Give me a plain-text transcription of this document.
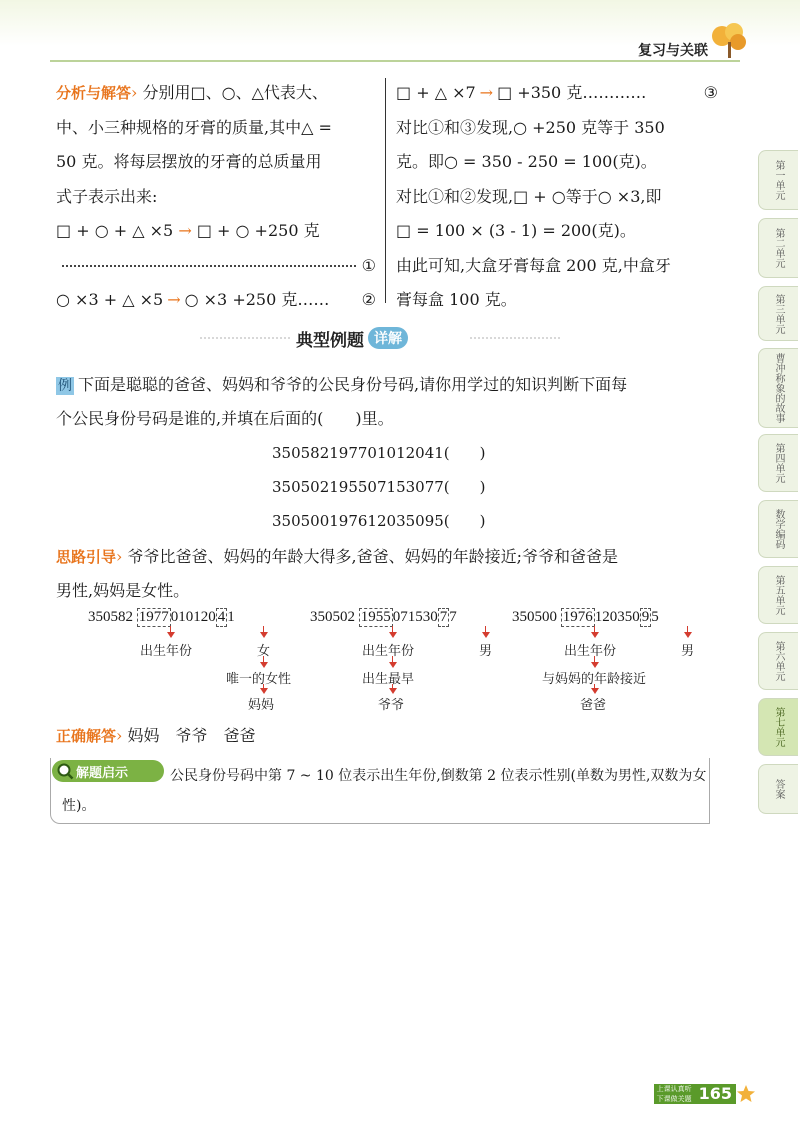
复习与关联
第一单元
第二单元
第三单元
曹冲称象的故事
第四单元
数学编码
第五单元
第六单元
第七单元
答案
分析与解答› 分别用□、○、△代表大、
中、小三种规格的牙膏的质量,其中△ =
50 克。将每层摆放的牙膏的总质量用
式子表示出来:
□ + ○ + △ ×5 → □ + ○ +250 克
①
○ ×3 + △ ×5 → ○ ×3 +250 克…… ②
□ + △ ×7 → □ +350 克…………	③
对比①和③发现,○ +250 克等于 350
克。即○ = 350 - 250 = 100(克)。
对比①和②发现,□ + ○等于○ ×3,即
□ = 100 × (3 - 1) = 200(克)。
由此可知,大盒牙膏每盒 200 克,中盒牙
膏每盒 100 克。
典型例题 详解
例 下面是聪聪的爸爸、妈妈和爷爷的公民身份号码,请你用学过的知识判断下面每
个公民身份号码是谁的,并填在后面的(　　)里。
350582197701012041(　　)
350502195507153077(　　)
350500197612035095(　　)
思路引导› 爷爷比爸爸、妈妈的年龄大得多,爸爸、妈妈的年龄接近;爷爷和爸爸是
男性,妈妈是女性。
350582 1977 010120 4 1
出生年份	女
唯一的女性
妈妈
350502 1955 071530 7 7
出生年份	男
出生最早
爷爷
350500 1976 120350 9 5
出生年份	男
与妈妈的年龄接近
爸爸
正确解答› 妈妈　爷爷　爸爸
公民身份号码中第 7 ~ 10 位表示出生年份,倒数第 2 位表示性别(单数为男性,双数为女性)。
解题启示
上课认真听
下课做关题 165
